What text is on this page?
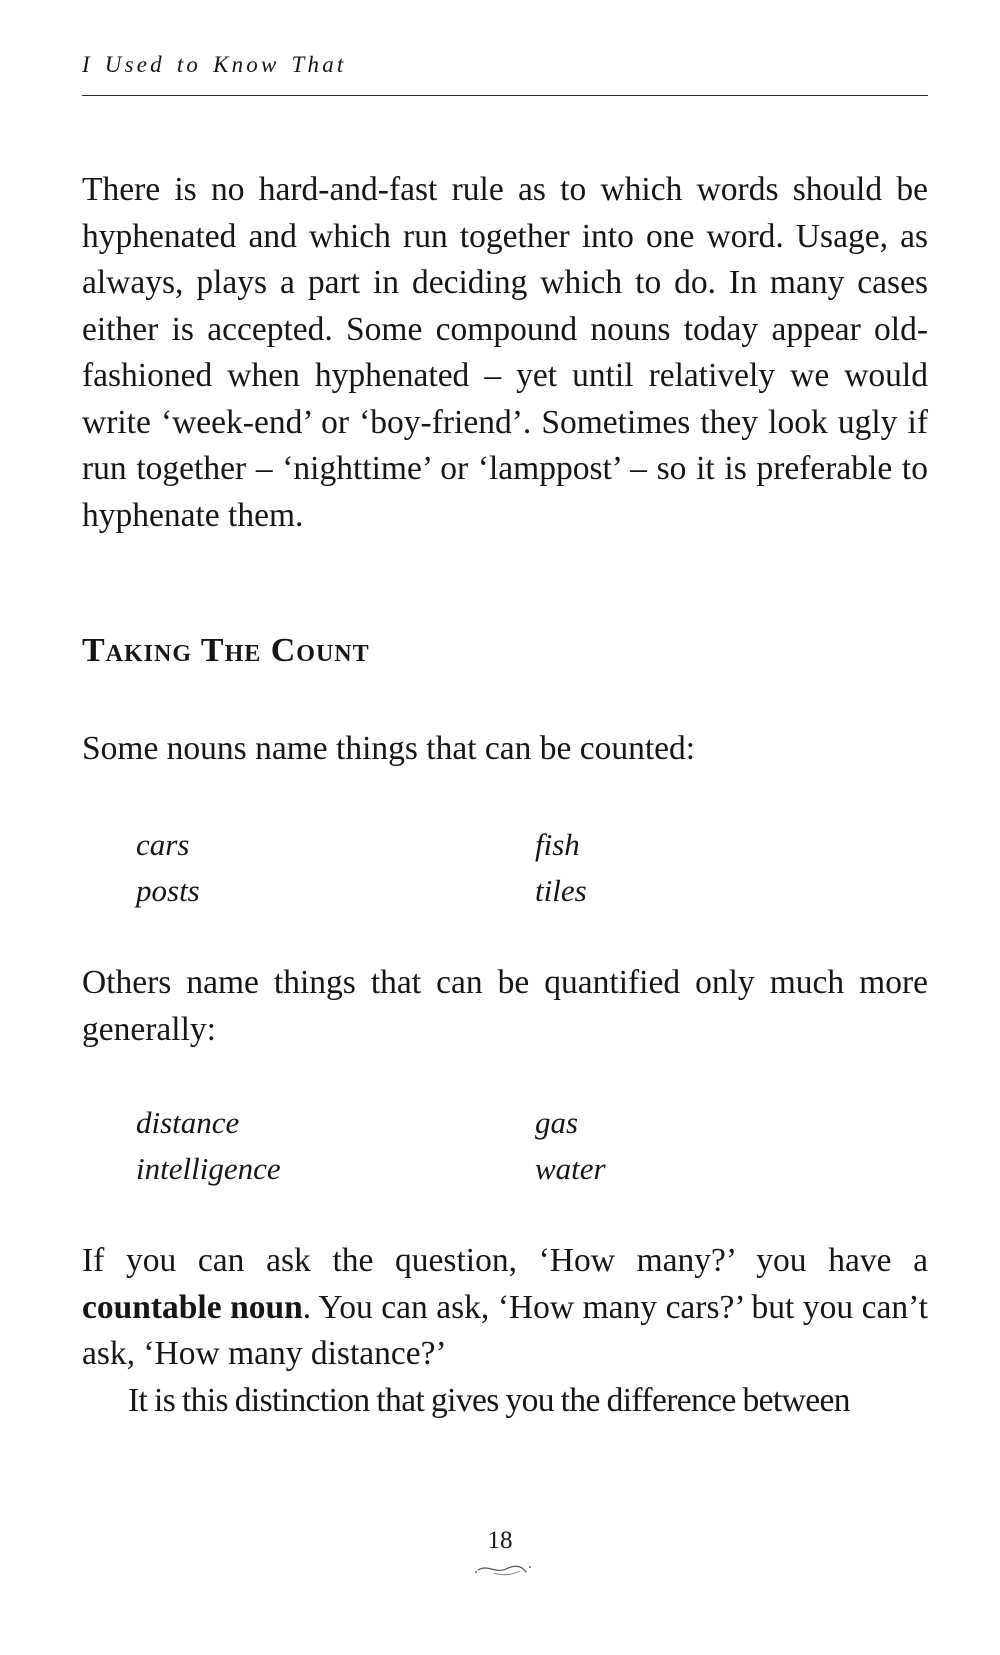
I Used to Know That

There is no hard-and-fast rule as to which words should be hyphenated and which run together into one word. Usage, as always, plays a part in deciding which to do. In many cases either is accepted. Some compound nouns today appear old-fashioned when hyphenated – yet until relatively we would write ‘week-end’ or ‘boy-friend’. Sometimes they look ugly if run together – ‘nighttime’ or ‘lamppost’ – so it is preferable to hyphenate them.

Taking The Count

Some nouns name things that can be counted:

cars
posts
fish
tiles

Others name things that can be quantified only much more generally:

distance
intelligence
gas
water

If you can ask the question, ‘How many?’ you have a countable noun. You can ask, ‘How many cars?’ but you can’t ask, ‘How many distance?’

It is this distinction that gives you the difference between

18
